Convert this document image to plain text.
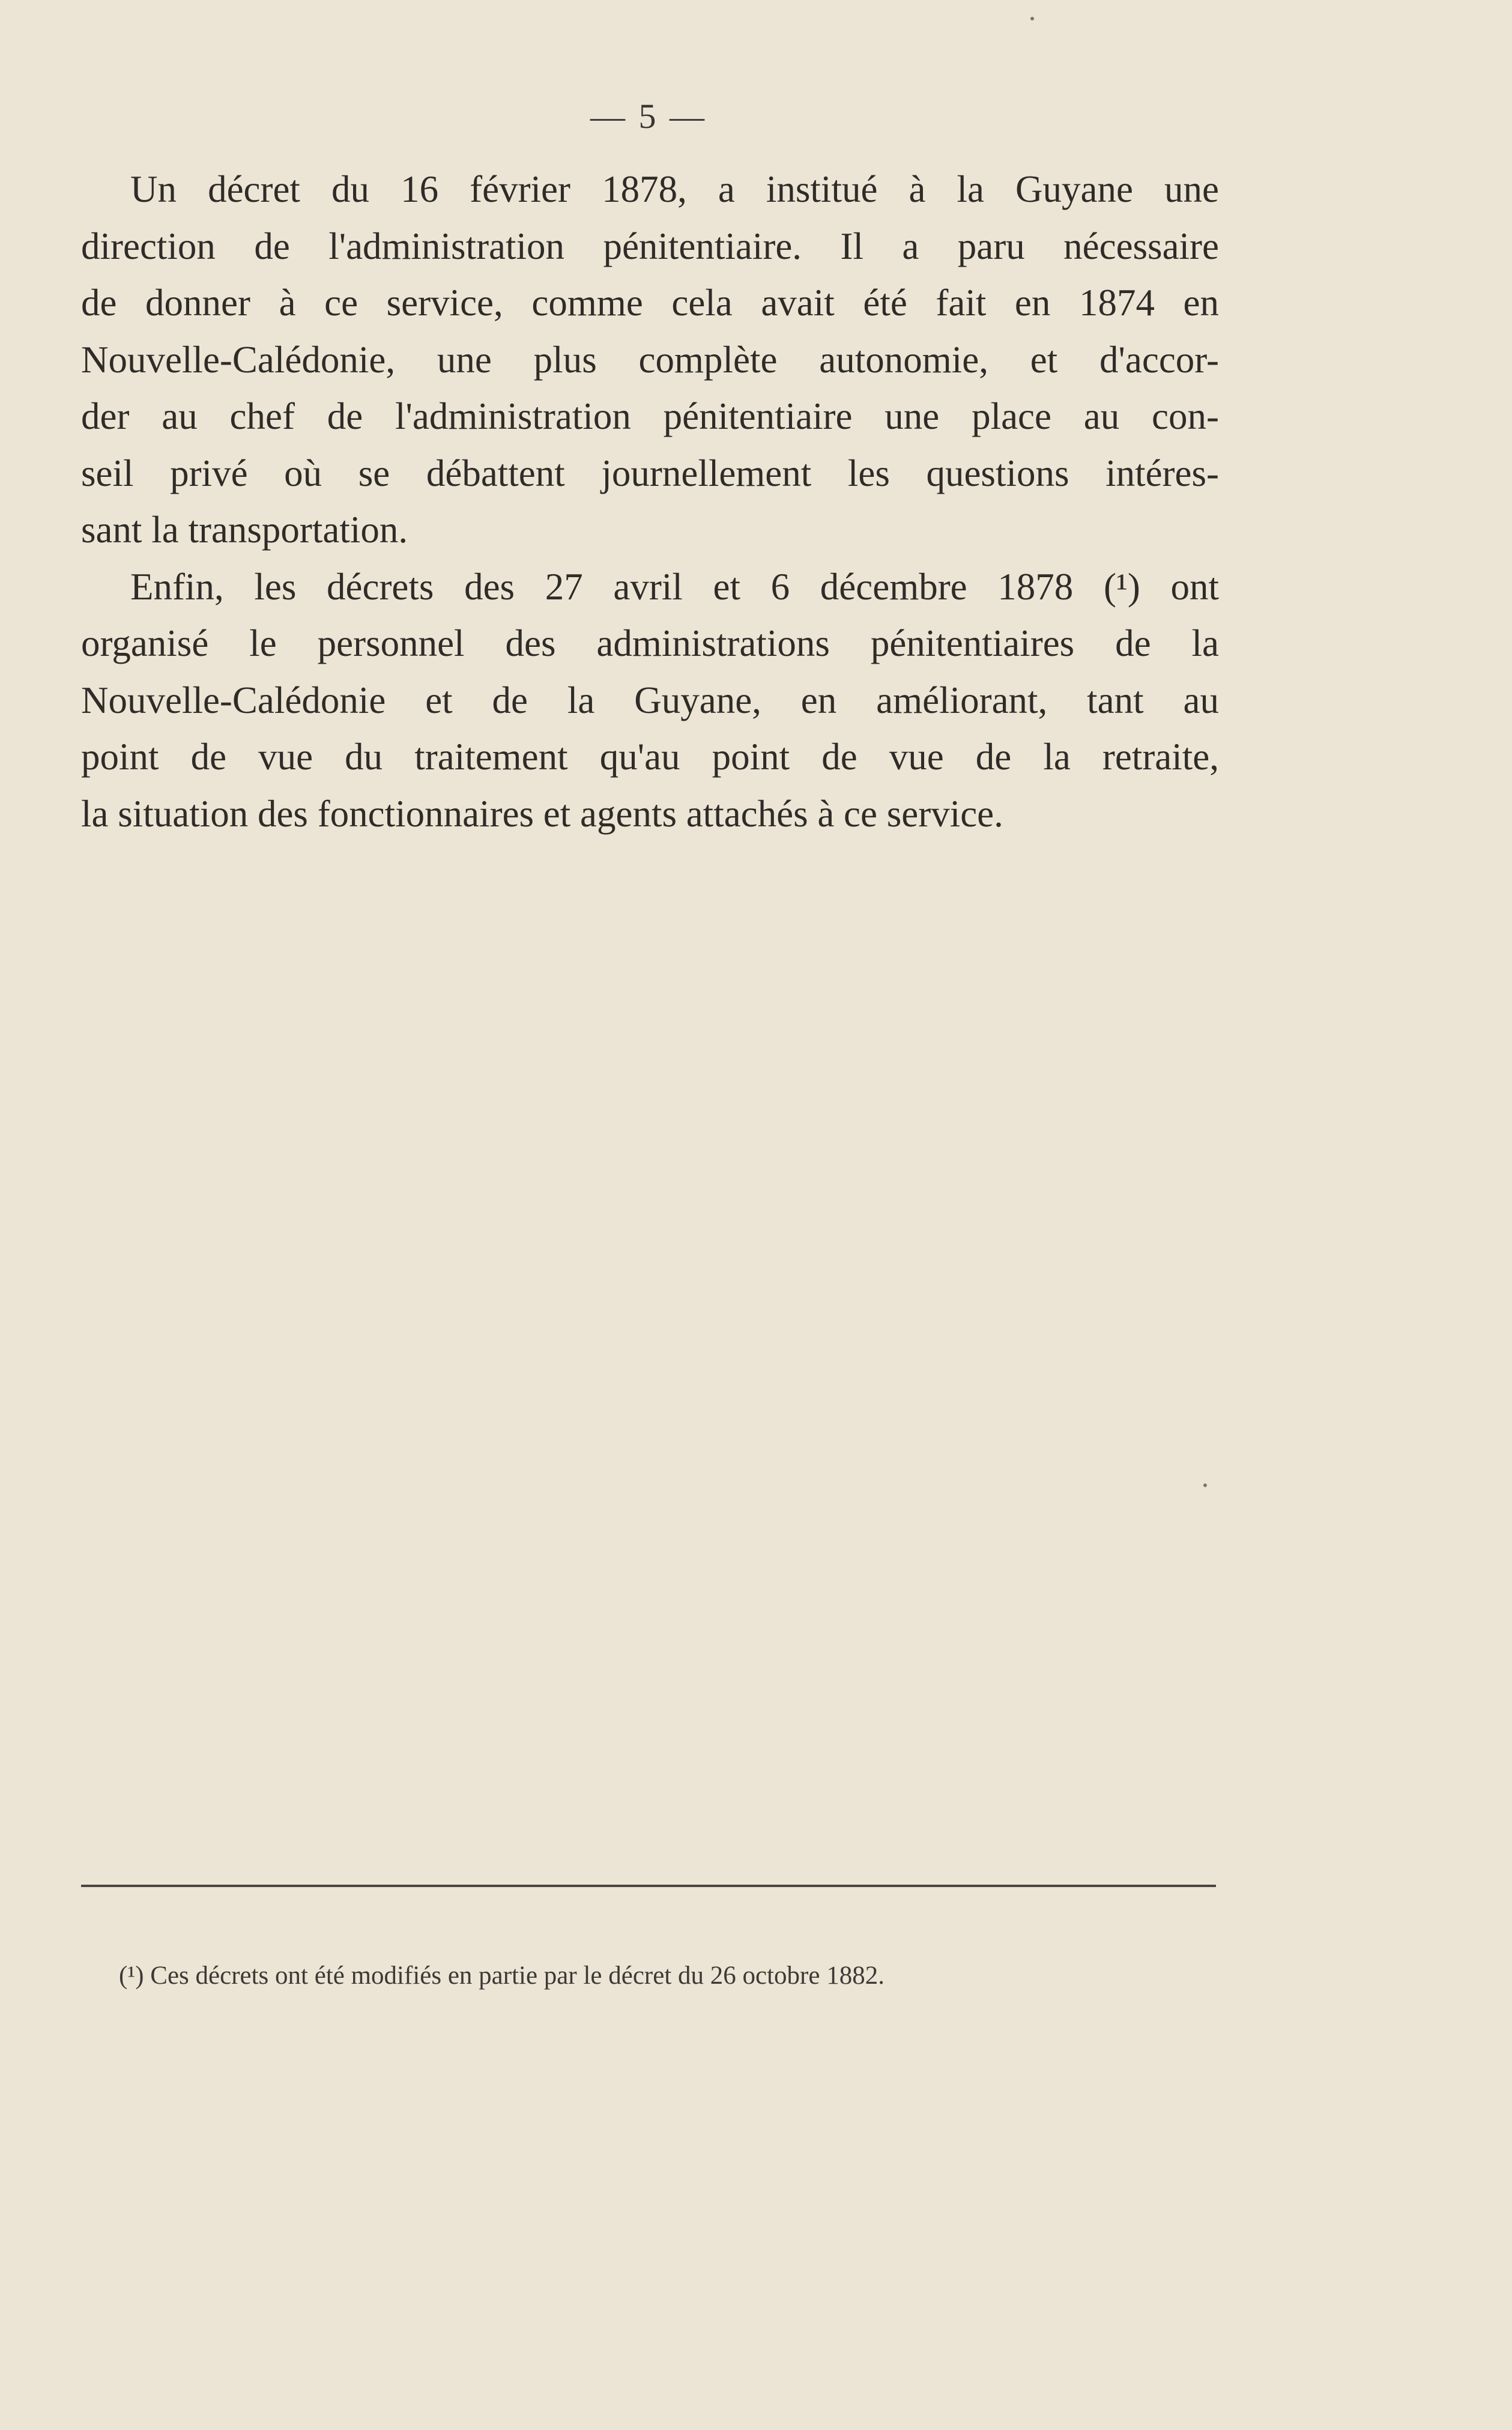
— 5 —
Un décret du 16 février 1878, a institué à la Guyane une
direction de l'administration pénitentiaire. Il a paru nécessaire
de donner à ce service, comme cela avait été fait en 1874 en
Nouvelle-Calédonie, une plus complète autonomie, et d'accor-
der au chef de l'administration pénitentiaire une place au con-
seil privé où se débattent journellement les questions intéres-
sant la transportation.
Enfin, les décrets des 27 avril et 6 décembre 1878 (¹) ont
organisé le personnel des administrations pénitentiaires de la
Nouvelle-Calédonie et de la Guyane, en améliorant, tant au
point de vue du traitement qu'au point de vue de la retraite,
la situation des fonctionnaires et agents attachés à ce service.
(¹) Ces décrets ont été modifiés en partie par le décret du 26 octobre 1882.
